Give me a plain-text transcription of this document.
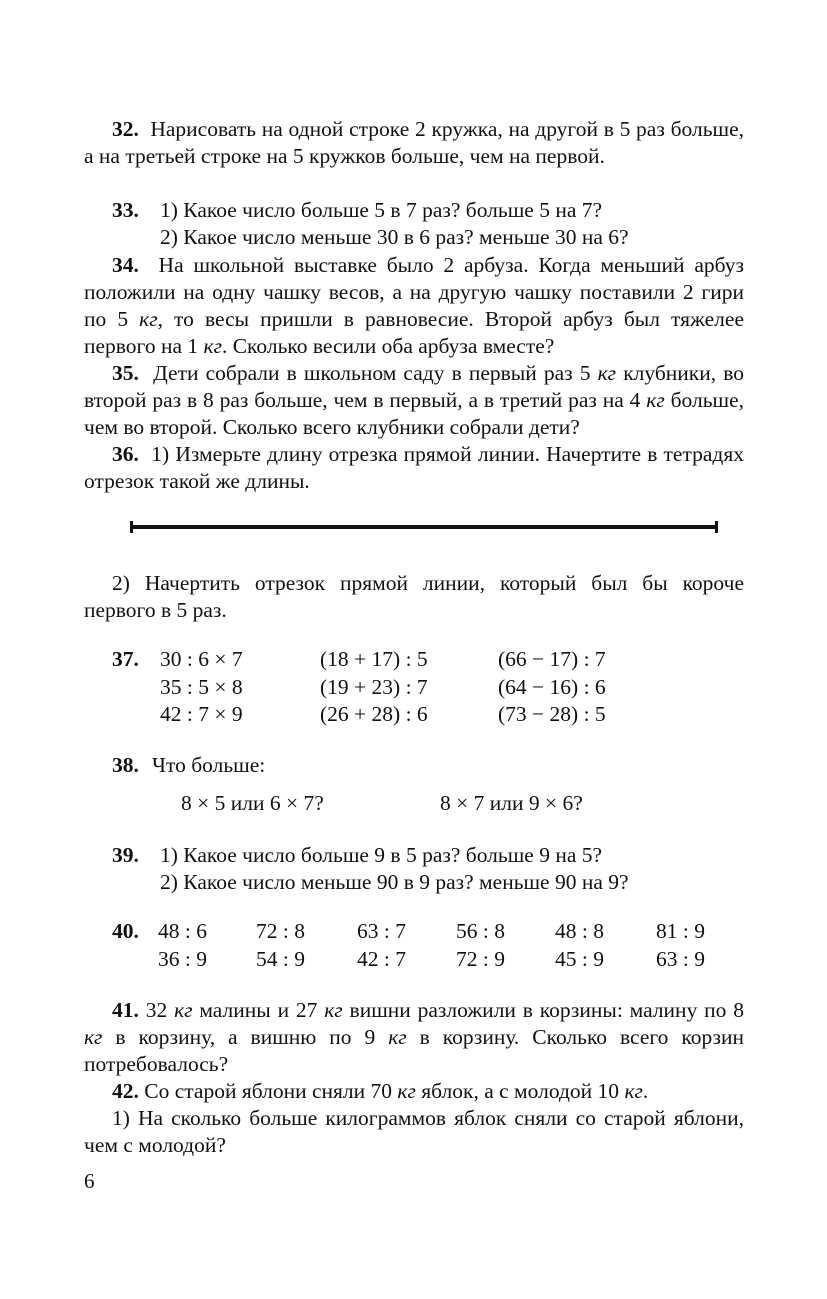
32. Нарисовать на одной строке 2 кружка, на другой в 5 раз больше, а на третьей строке на 5 кружков больше, чем на первой.

33. 1) Какое число больше 5 в 7 раз? больше 5 на 7?
2) Какое число меньше 30 в 6 раз? меньше 30 на 6?

34. На школьной выставке было 2 арбуза. Когда меньший арбуз положили на одну чашку весов, а на другую чашку поставили 2 гири по 5 кг, то весы пришли в равновесие. Второй арбуз был тяжелее первого на 1 кг. Сколько весили оба арбуза вместе?

35. Дети собрали в школьном саду в первый раз 5 кг клубники, во второй раз в 8 раз больше, чем в первый, а в третий раз на 4 кг больше, чем во второй. Сколько всего клубники собрали дети?

36. 1) Измерьте длину отрезка прямой линии. Начертите в тетрадях отрезок такой же длины.

2) Начертить отрезок прямой линии, который был бы короче первого в 5 раз.

37. 30 : 6 × 7	(18 + 17) : 5	(66 − 17) : 7
35 : 5 × 8	(19 + 23) : 7	(64 − 16) : 6
42 : 7 × 9	(26 + 28) : 6	(73 − 28) : 5
38. Что больше:
8 × 5 или 6 × 7?	8 × 7 или 9 × 6?
39. 1) Какое число больше 9 в 5 раз? больше 9 на 5?
2) Какое число меньше 90 в 9 раз? меньше 90 на 9?
40. 48 : 6 72 : 8 63 : 7 56 : 8 48 : 8 81 : 9
36 : 9 54 : 9 42 : 7 72 : 9 45 : 9 63 : 9

41. 32 кг малины и 27 кг вишни разложили в корзины: малину по 8 кг в корзину, а вишню по 9 кг в корзину. Сколько всего корзин потребовалось?

42. Со старой яблони сняли 70 кг яблок, а с молодой 10 кг.

1) На сколько больше килограммов яблок сняли со старой яблони, чем с молодой?

6
